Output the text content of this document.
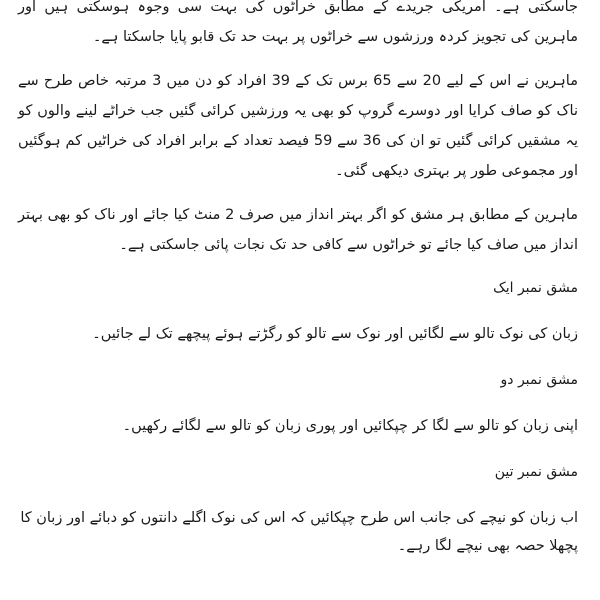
جاسکتی ہے۔ امریکی جریدے کے مطابق خراٹوں کی بہت سی وجوہ ہوسکتی ہیں اور ماہرین کی تجویز کردہ ورزشوں سے خراٹوں پر بہت حد تک قابو پایا جاسکتا ہے۔

ماہرین نے اس کے لیے 20 سے 65 برس تک کے 39 افراد کو دن میں 3 مرتبہ خاص طرح سے ناک کو صاف کرایا اور دوسرے گروپ کو بھی یہ ورزشیں کرائی گئیں جب خراٹے لینے والوں کو یہ مشقیں کرائی گئیں تو ان کی 36 سے 59 فیصد تعداد کے برابر افراد کی خراٹیں کم ہوگئیں اور مجموعی طور پر بہتری دیکھی گئی۔

ماہرین کے مطابق ہر مشق کو اگر بہتر انداز میں صرف 2 منٹ کیا جائے اور ناک کو بھی بہتر انداز میں صاف کیا جائے تو خراٹوں سے کافی حد تک نجات پائی جاسکتی ہے۔

مشق نمبر ایک
زبان کی نوک تالو سے لگائیں اور نوک سے تالو کو رگڑتے ہوئے پیچھے تک لے جائیں۔
مشق نمبر دو
اپنی زبان کو تالو سے لگا کر چپکائیں اور پوری زبان کو تالو سے لگائے رکھیں۔
مشق نمبر تین
اب زبان کو نیچے کی جانب اس طرح چپکائیں کہ اس کی نوک اگلے دانتوں کو دبائے اور زبان کا پچھلا حصہ بھی نیچے لگا رہے۔
